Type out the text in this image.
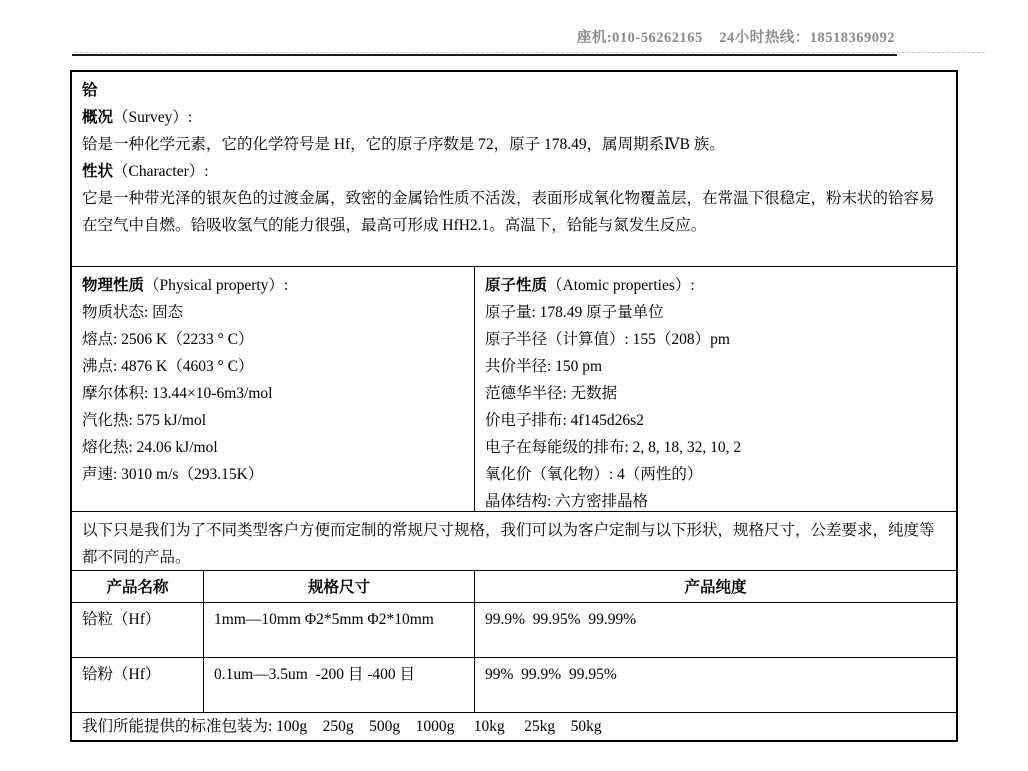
座机:010-56262165    24小时热线：18518369092
铪
概况（Survey）:
铪是一种化学元素，它的化学符号是 Hf，它的原子序数是 72，原子 178.49，属周期系ⅣB 族。
性状（Character）:
它是一种带光泽的银灰色的过渡金属，致密的金属铪性质不活泼，表面形成氧化物覆盖层，在常温下很稳定，粉末状的铪容易在空气中自燃。铪吸收氢气的能力很强，最高可形成 HfH2.1。高温下，铪能与氮发生反应。
物理性质（Physical property）:
物质状态: 固态
熔点: 2506 K（2233 ° C）
沸点: 4876 K（4603 ° C）
摩尔体积: 13.44×10-6m3/mol
汽化热: 575 kJ/mol
熔化热: 24.06 kJ/mol
声速: 3010 m/s（293.15K）
原子性质（Atomic properties）:
原子量: 178.49 原子量单位
原子半径（计算值）: 155（208）pm
共价半径: 150 pm
范德华半径: 无数据
价电子排布: 4f145d26s2
电子在每能级的排布: 2, 8, 18, 32, 10, 2
氧化价（氧化物）: 4（两性的）
晶体结构: 六方密排晶格
以下只是我们为了不同类型客户方便而定制的常规尺寸规格，我们可以为客户定制与以下形状，规格尺寸，公差要求，纯度等都不同的产品。
产品名称	规格尺寸	产品纯度
铪粒（Hf）	1mm—10mm Φ2*5mm Φ2*10mm	99.9%  99.95%  99.99%
铪粉（Hf）	0.1um—3.5um  -200 目 -400 目	99%  99.9%  99.95%
我们所能提供的标准包装为: 100g    250g    500g    1000g     10kg     25kg    50kg
